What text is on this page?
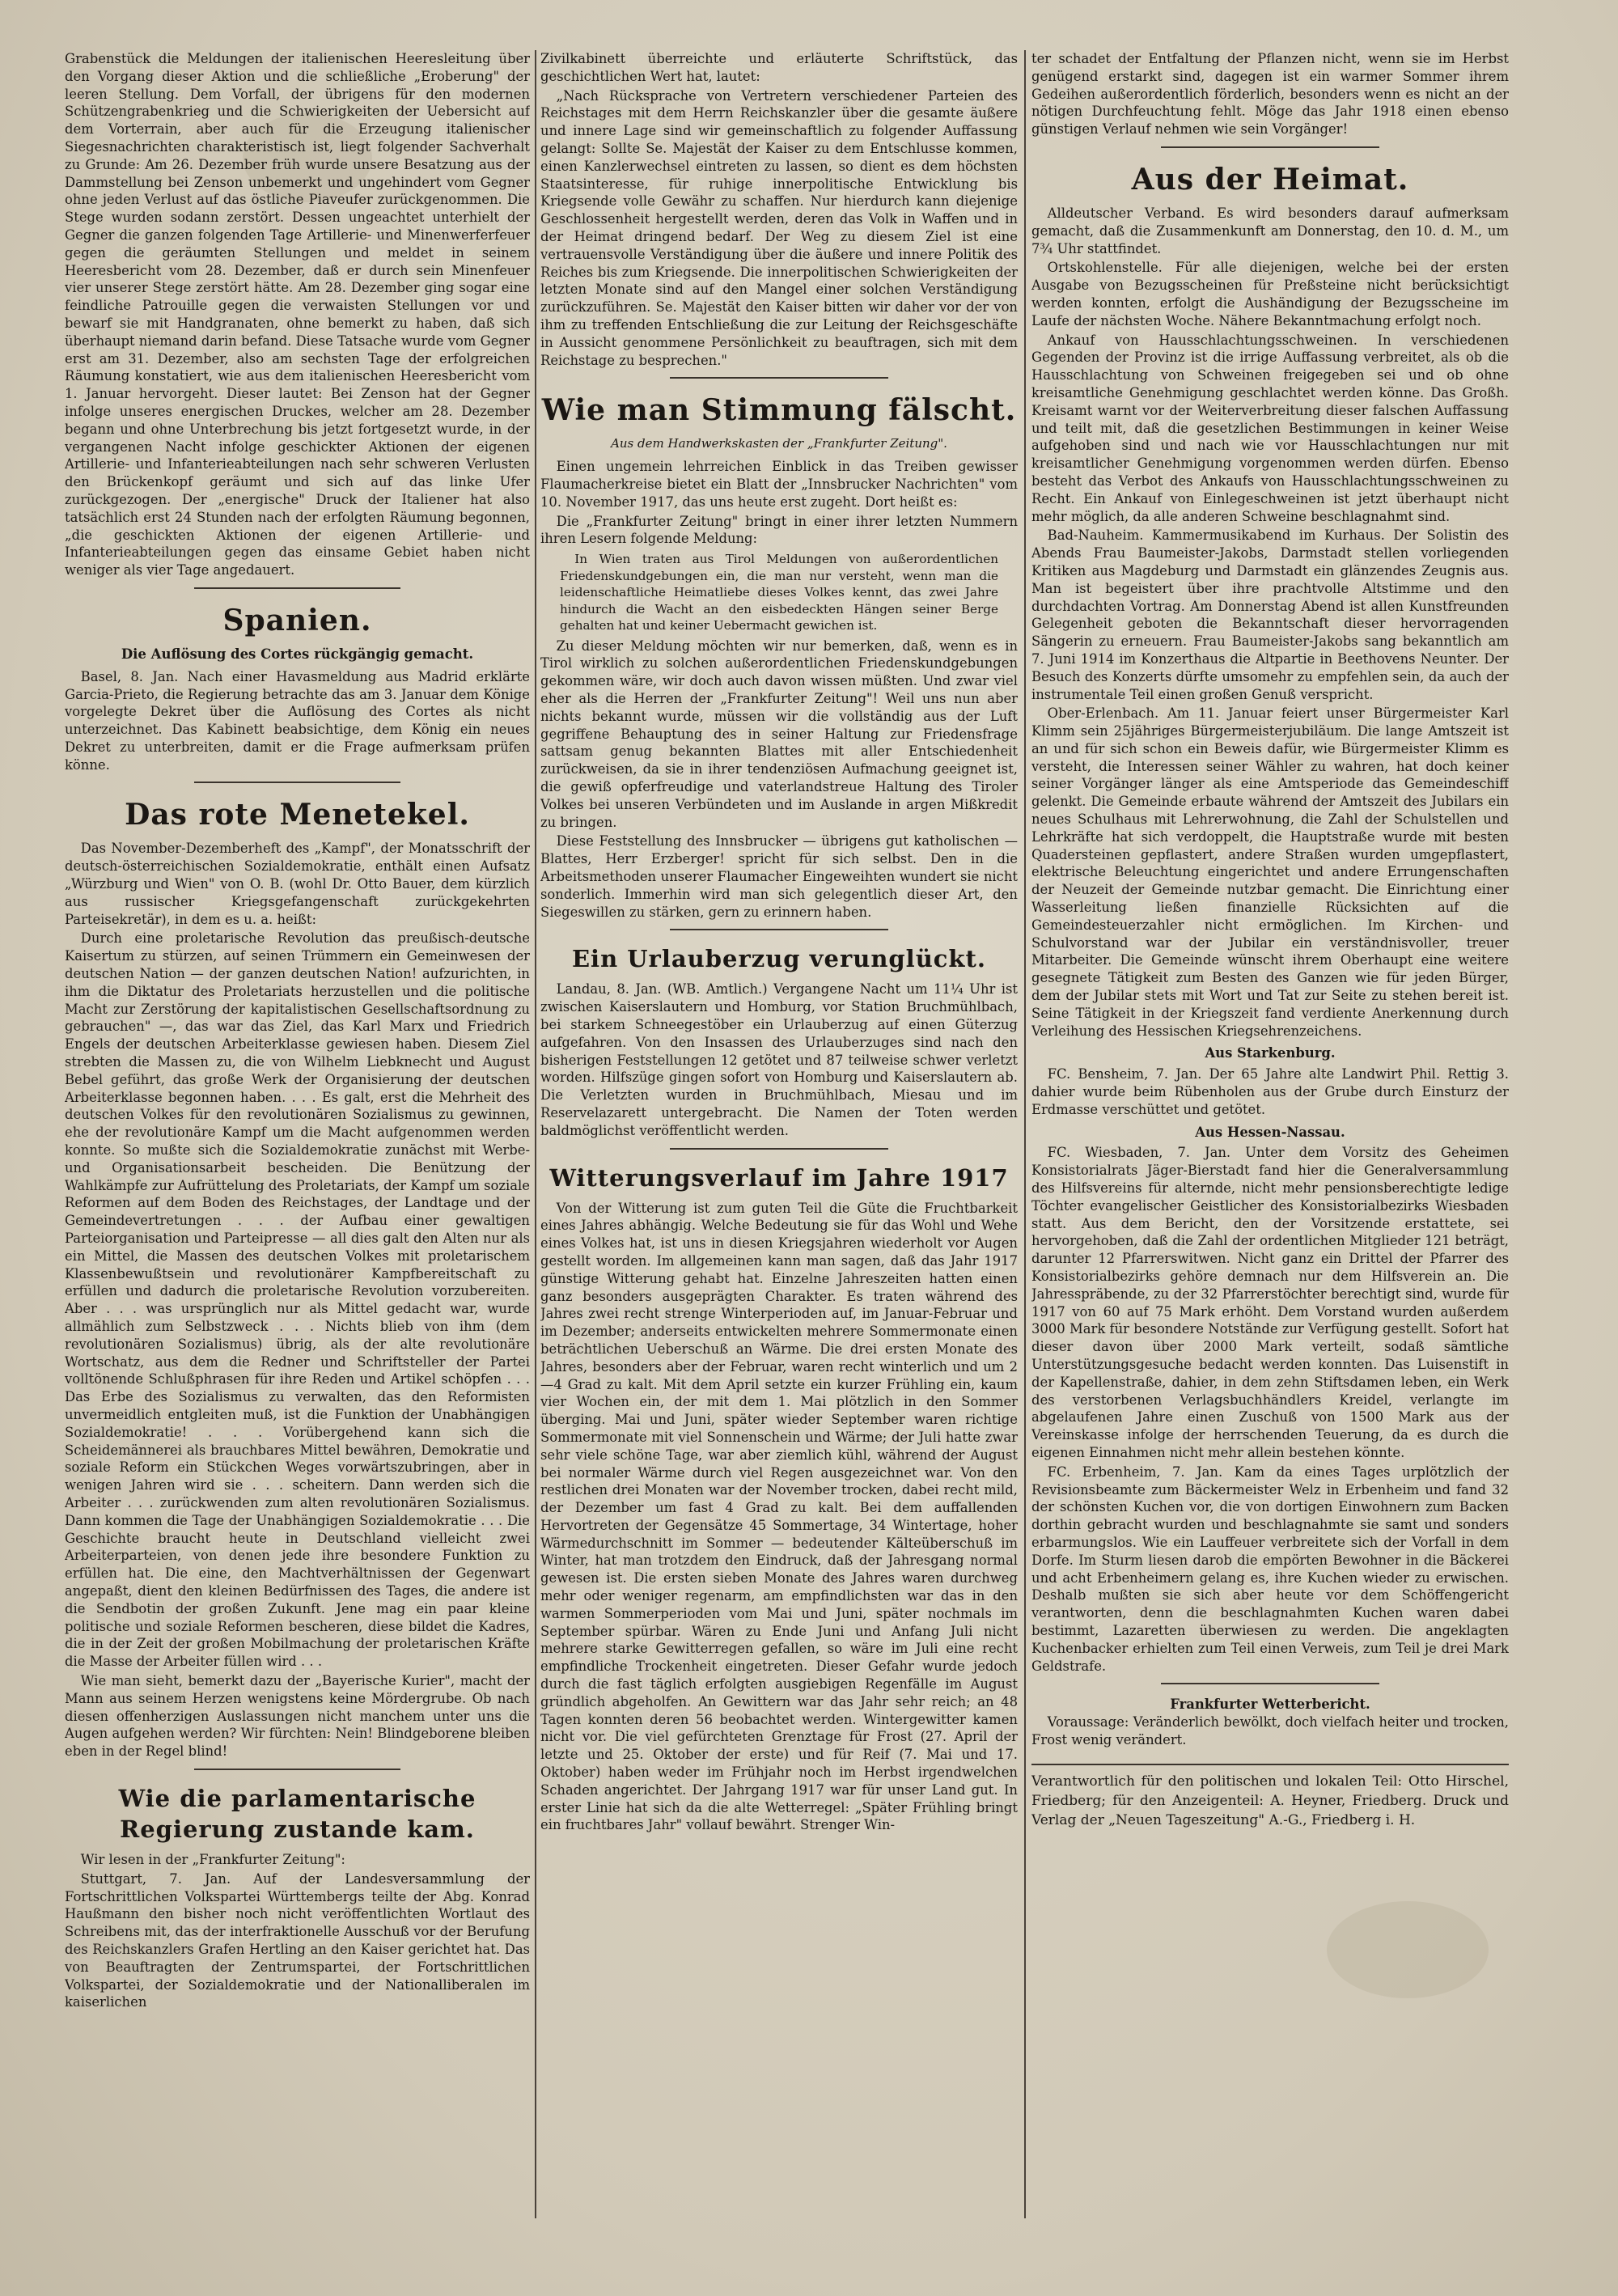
Grabenstück die Meldungen der italienischen Heeresleitung über den Vorgang dieser Aktion und die schließliche „Eroberung" der leeren Stellung. Dem Vorfall, der übrigens für den modernen Schützengrabenkrieg und die Schwierigkeiten der Uebersicht auf dem Vorterrain, aber auch für die Erzeugung italienischer Siegesnachrichten charakteristisch ist, liegt folgender Sachverhalt zu Grunde: Am 26. Dezember früh wurde unsere Besatzung aus der Dammstellung bei Zenson unbemerkt und ungehindert vom Gegner ohne jeden Verlust auf das östliche Piaveufer zurückgenommen. Die Stege wurden sodann zerstört. Dessen ungeachtet unterhielt der Gegner die ganzen folgenden Tage Artillerie- und Minenwerferfeuer gegen die geräumten Stellungen und meldet in seinem Heeresbericht vom 28. Dezember, daß er durch sein Minenfeuer vier unserer Stege zerstört hätte. Am 28. Dezember ging sogar eine feindliche Patrouille gegen die verwaisten Stellungen vor und bewarf sie mit Handgranaten, ohne bemerkt zu haben, daß sich überhaupt niemand darin befand. Diese Tatsache wurde vom Gegner erst am 31. Dezember, also am sechsten Tage der erfolgreichen Räumung konstatiert, wie aus dem italienischen Heeresbericht vom 1. Januar hervorgeht. Dieser lautet: Bei Zenson hat der Gegner infolge unseres energischen Druckes, welcher am 28. Dezember begann und ohne Unterbrechung bis jetzt fortgesetzt wurde, in der vergangenen Nacht infolge geschickter Aktionen der eigenen Artillerie- und Infanterieabteilungen nach sehr schweren Verlusten den Brückenkopf geräumt und sich auf das linke Ufer zurückgezogen. Der „energische" Druck der Italiener hat also tatsächlich erst 24 Stunden nach der erfolgten Räumung begonnen, „die geschickten Aktionen der eigenen Artillerie- und Infanterieabteilungen gegen das einsame Gebiet haben nicht weniger als vier Tage angedauert.

Spanien.
Die Auflösung des Cortes rückgängig gemacht.

Basel, 8. Jan. Nach einer Havasmeldung aus Madrid erklärte Garcia-Prieto, die Regierung betrachte das am 3. Januar dem Könige vorgelegte Dekret über die Auflösung des Cortes als nicht unterzeichnet. Das Kabinett beabsichtige, dem König ein neues Dekret zu unterbreiten, damit er die Frage aufmerksam prüfen könne.

Das rote Menetekel.

Das November-Dezemberheft des „Kampf", der Monatsschrift der deutsch-österreichischen Sozialdemokratie, enthält einen Aufsatz „Würzburg und Wien" von O. B. (wohl Dr. Otto Bauer, dem kürzlich aus russischer Kriegsgefangenschaft zurückgekehrten Parteisekretär), in dem es u. a. heißt:

Durch eine proletarische Revolution das preußisch-deutsche Kaisertum zu stürzen, auf seinen Trümmern ein Gemeinwesen der deutschen Nation — der ganzen deutschen Nation! aufzurichten, in ihm die Diktatur des Proletariats herzustellen und die politische Macht zur Zerstörung der kapitalistischen Gesellschaftsordnung zu gebrauchen" —, das war das Ziel, das Karl Marx und Friedrich Engels der deutschen Arbeiterklasse gewiesen haben. Diesem Ziel strebten die Massen zu, die von Wilhelm Liebknecht und August Bebel geführt, das große Werk der Organisierung der deutschen Arbeiterklasse begonnen haben. . . . Es galt, erst die Mehrheit des deutschen Volkes für den revolutionären Sozialismus zu gewinnen, ehe der revolutionäre Kampf um die Macht aufgenommen werden konnte. So mußte sich die Sozialdemokratie zunächst mit Werbe- und Organisationsarbeit bescheiden. Die Benützung der Wahlkämpfe zur Aufrüttelung des Proletariats, der Kampf um soziale Reformen auf dem Boden des Reichstages, der Landtage und der Gemeindevertretungen . . . der Aufbau einer gewaltigen Parteiorganisation und Parteipresse — all dies galt den Alten nur als ein Mittel, die Massen des deutschen Volkes mit proletarischem Klassenbewußtsein und revolutionärer Kampfbereitschaft zu erfüllen und dadurch die proletarische Revolution vorzubereiten. Aber . . . was ursprünglich nur als Mittel gedacht war, wurde allmählich zum Selbstzweck . . . Nichts blieb von ihm (dem revolutionären Sozialismus) übrig, als der alte revolutionäre Wortschatz, aus dem die Redner und Schriftsteller der Partei volltönende Schlußphrasen für ihre Reden und Artikel schöpfen . . . Das Erbe des Sozialismus zu verwalten, das den Reformisten unvermeidlich entgleiten muß, ist die Funktion der Unabhängigen Sozialdemokratie! . . . Vorübergehend kann sich die Scheidemännerei als brauchbares Mittel bewähren, Demokratie und soziale Reform ein Stückchen Weges vorwärtszubringen, aber in wenigen Jahren wird sie . . . scheitern. Dann werden sich die Arbeiter . . . zurückwenden zum alten revolutionären Sozialismus. Dann kommen die Tage der Unabhängigen Sozialdemokratie . . . Die Geschichte braucht heute in Deutschland vielleicht zwei Arbeiterparteien, von denen jede ihre besondere Funktion zu erfüllen hat. Die eine, den Machtverhältnissen der Gegenwart angepaßt, dient den kleinen Bedürfnissen des Tages, die andere ist die Sendbotin der großen Zukunft. Jene mag ein paar kleine politische und soziale Reformen bescheren, diese bildet die Kadres, die in der Zeit der großen Mobilmachung der proletarischen Kräfte die Masse der Arbeiter füllen wird . . .

Wie man sieht, bemerkt dazu der „Bayerische Kurier", macht der Mann aus seinem Herzen wenigstens keine Mördergrube. Ob nach diesen offenherzigen Auslassungen nicht manchem unter uns die Augen aufgehen werden? Wir fürchten: Nein! Blindgeborene bleiben eben in der Regel blind!

Wie die parlamentarische Regierung zustande kam.

Wir lesen in der „Frankfurter Zeitung":

Stuttgart, 7. Jan. Auf der Landesversammlung der Fortschrittlichen Volkspartei Württembergs teilte der Abg. Konrad Haußmann den bisher noch nicht veröffentlichten Wortlaut des Schreibens mit, das der interfraktionelle Ausschuß vor der Berufung des Reichskanzlers Grafen Hertling an den Kaiser gerichtet hat. Das von Beauftragten der Zentrumspartei, der Fortschrittlichen Volkspartei, der Sozialdemokratie und der Nationalliberalen im kaiserlichen

Zivilkabinett überreichte und erläuterte Schriftstück, das geschichtlichen Wert hat, lautet:

„Nach Rücksprache von Vertretern verschiedener Parteien des Reichstages mit dem Herrn Reichskanzler über die gesamte äußere und innere Lage sind wir gemeinschaftlich zu folgender Auffassung gelangt: Sollte Se. Majestät der Kaiser zu dem Entschlusse kommen, einen Kanzlerwechsel eintreten zu lassen, so dient es dem höchsten Staatsinteresse, für ruhige innerpolitische Entwicklung bis Kriegsende volle Gewähr zu schaffen. Nur hierdurch kann diejenige Geschlossenheit hergestellt werden, deren das Volk in Waffen und in der Heimat dringend bedarf. Der Weg zu diesem Ziel ist eine vertrauensvolle Verständigung über die äußere und innere Politik des Reiches bis zum Kriegsende. Die innerpolitischen Schwierigkeiten der letzten Monate sind auf den Mangel einer solchen Verständigung zurückzuführen. Se. Majestät den Kaiser bitten wir daher vor der von ihm zu treffenden Entschließung die zur Leitung der Reichsgeschäfte in Aussicht genommene Persönlichkeit zu beauftragen, sich mit dem Reichstage zu besprechen."

Wie man Stimmung fälscht.
Aus dem Handwerkskasten der „Frankfurter Zeitung".

Einen ungemein lehrreichen Einblick in das Treiben gewisser Flaumacherkreise bietet ein Blatt der „Innsbrucker Nachrichten" vom 10. November 1917, das uns heute erst zugeht. Dort heißt es:

Die „Frankfurter Zeitung" bringt in einer ihrer letzten Nummern ihren Lesern folgende Meldung:

In Wien traten aus Tirol Meldungen von außerordentlichen Friedenskundgebungen ein, die man nur versteht, wenn man die leidenschaftliche Heimatliebe dieses Volkes kennt, das zwei Jahre hindurch die Wacht an den eisbedeckten Hängen seiner Berge gehalten hat und keiner Uebermacht gewichen ist.

Zu dieser Meldung möchten wir nur bemerken, daß, wenn es in Tirol wirklich zu solchen außerordentlichen Friedenskundgebungen gekommen wäre, wir doch auch davon wissen müßten. Und zwar viel eher als die Herren der „Frankfurter Zeitung"! Weil uns nun aber nichts bekannt wurde, müssen wir die vollständig aus der Luft gegriffene Behauptung des in seiner Haltung zur Friedensfrage sattsam genug bekannten Blattes mit aller Entschiedenheit zurückweisen, da sie in ihrer tendenziösen Aufmachung geeignet ist, die gewiß opferfreudige und vaterlandstreue Haltung des Tiroler Volkes bei unseren Verbündeten und im Auslande in argen Mißkredit zu bringen.

Diese Feststellung des Innsbrucker — übrigens gut katholischen — Blattes, Herr Erzberger! spricht für sich selbst. Den in die Arbeitsmethoden unserer Flaumacher Eingeweihten wundert sie nicht sonderlich. Immerhin wird man sich gelegentlich dieser Art, den Siegeswillen zu stärken, gern zu erinnern haben.

Ein Urlauberzug verunglückt.

Landau, 8. Jan. (WB. Amtlich.) Vergangene Nacht um 11¼ Uhr ist zwischen Kaiserslautern und Homburg, vor Station Bruchmühlbach, bei starkem Schneegestöber ein Urlauberzug auf einen Güterzug aufgefahren. Von den Insassen des Urlauberzuges sind nach den bisherigen Feststellungen 12 getötet und 87 teilweise schwer verletzt worden. Hilfszüge gingen sofort von Homburg und Kaiserslautern ab. Die Verletzten wurden in Bruchmühlbach, Miesau und im Reservelazarett untergebracht. Die Namen der Toten werden baldmöglichst veröffentlicht werden.

Witterungsverlauf im Jahre 1917

Von der Witterung ist zum guten Teil die Güte die Fruchtbarkeit eines Jahres abhängig. Welche Bedeutung sie für das Wohl und Wehe eines Volkes hat, ist uns in diesen Kriegsjahren wiederholt vor Augen gestellt worden. Im allgemeinen kann man sagen, daß das Jahr 1917 günstige Witterung gehabt hat. Einzelne Jahreszeiten hatten einen ganz besonders ausgeprägten Charakter. Es traten während des Jahres zwei recht strenge Winterperioden auf, im Januar-Februar und im Dezember; anderseits entwickelten mehrere Sommermonate einen beträchtlichen Ueberschuß an Wärme. Die drei ersten Monate des Jahres, besonders aber der Februar, waren recht winterlich und um 2—4 Grad zu kalt. Mit dem April setzte ein kurzer Frühling ein, kaum vier Wochen ein, der mit dem 1. Mai plötzlich in den Sommer überging. Mai und Juni, später wieder September waren richtige Sommermonate mit viel Sonnenschein und Wärme; der Juli hatte zwar sehr viele schöne Tage, war aber ziemlich kühl, während der August bei normaler Wärme durch viel Regen ausgezeichnet war. Von den restlichen drei Monaten war der November trocken, dabei recht mild, der Dezember um fast 4 Grad zu kalt. Bei dem auffallenden Hervortreten der Gegensätze 45 Sommertage, 34 Wintertage, hoher Wärmedurchschnitt im Sommer — bedeutender Kälteüberschuß im Winter, hat man trotzdem den Eindruck, daß der Jahresgang normal gewesen ist. Die ersten sieben Monate des Jahres waren durchweg mehr oder weniger regenarm, am empfindlichsten war das in den warmen Sommerperioden vom Mai und Juni, später nochmals im September spürbar. Wären zu Ende Juni und Anfang Juli nicht mehrere starke Gewitterregen gefallen, so wäre im Juli eine recht empfindliche Trockenheit eingetreten. Dieser Gefahr wurde jedoch durch die fast täglich erfolgten ausgiebigen Regenfälle im August gründlich abgeholfen. An Gewittern war das Jahr sehr reich; an 48 Tagen konnten deren 56 beobachtet werden. Wintergewitter kamen nicht vor. Die viel gefürchteten Grenztage für Frost (27. April der letzte und 25. Oktober der erste) und für Reif (7. Mai und 17. Oktober) haben weder im Frühjahr noch im Herbst irgendwelchen Schaden angerichtet. Der Jahrgang 1917 war für unser Land gut. In erster Linie hat sich da die alte Wetterregel: „Später Frühling bringt ein fruchtbares Jahr" vollauf bewährt. Strenger Win-

ter schadet der Entfaltung der Pflanzen nicht, wenn sie im Herbst genügend erstarkt sind, dagegen ist ein warmer Sommer ihrem Gedeihen außerordentlich förderlich, besonders wenn es nicht an der nötigen Durchfeuchtung fehlt. Möge das Jahr 1918 einen ebenso günstigen Verlauf nehmen wie sein Vorgänger!

Aus der Heimat.

Alldeutscher Verband. Es wird besonders darauf aufmerksam gemacht, daß die Zusammenkunft am Donnerstag, den 10. d. M., um 7¾ Uhr stattfindet.

Ortskohlenstelle. Für alle diejenigen, welche bei der ersten Ausgabe von Bezugsscheinen für Preßsteine nicht berücksichtigt werden konnten, erfolgt die Aushändigung der Bezugsscheine im Laufe der nächsten Woche. Nähere Bekanntmachung erfolgt noch.

Ankauf von Hausschlachtungsschweinen. In verschiedenen Gegenden der Provinz ist die irrige Auffassung verbreitet, als ob die Hausschlachtung von Schweinen freigegeben sei und ob ohne kreisamtliche Genehmigung geschlachtet werden könne. Das Großh. Kreisamt warnt vor der Weiterverbreitung dieser falschen Auffassung und teilt mit, daß die gesetzlichen Bestimmungen in keiner Weise aufgehoben sind und nach wie vor Hausschlachtungen nur mit kreisamtlicher Genehmigung vorgenommen werden dürfen. Ebenso besteht das Verbot des Ankaufs von Hausschlachtungsschweinen zu Recht. Ein Ankauf von Einlegeschweinen ist jetzt überhaupt nicht mehr möglich, da alle anderen Schweine beschlagnahmt sind.

Bad-Nauheim. Kammermusikabend im Kurhaus. Der Solistin des Abends Frau Baumeister-Jakobs, Darmstadt stellen vorliegenden Kritiken aus Magdeburg und Darmstadt ein glänzendes Zeugnis aus. Man ist begeistert über ihre prachtvolle Altstimme und den durchdachten Vortrag. Am Donnerstag Abend ist allen Kunstfreunden Gelegenheit geboten die Bekanntschaft dieser hervorragenden Sängerin zu erneuern. Frau Baumeister-Jakobs sang bekanntlich am 7. Juni 1914 im Konzerthaus die Altpartie in Beethovens Neunter. Der Besuch des Konzerts dürfte umsomehr zu empfehlen sein, da auch der instrumentale Teil einen großen Genuß verspricht.

Ober-Erlenbach. Am 11. Januar feiert unser Bürgermeister Karl Klimm sein 25jähriges Bürgermeisterjubiläum. Die lange Amtszeit ist an und für sich schon ein Beweis dafür, wie Bürgermeister Klimm es versteht, die Interessen seiner Wähler zu wahren, hat doch keiner seiner Vorgänger länger als eine Amtsperiode das Gemeindeschiff gelenkt. Die Gemeinde erbaute während der Amtszeit des Jubilars ein neues Schulhaus mit Lehrerwohnung, die Zahl der Schulstellen und Lehrkräfte hat sich verdoppelt, die Hauptstraße wurde mit besten Quadersteinen gepflastert, andere Straßen wurden umgepflastert, elektrische Beleuchtung eingerichtet und andere Errungenschaften der Neuzeit der Gemeinde nutzbar gemacht. Die Einrichtung einer Wasserleitung ließen finanzielle Rücksichten auf die Gemeindesteuerzahler nicht ermöglichen. Im Kirchen- und Schulvorstand war der Jubilar ein verständnisvoller, treuer Mitarbeiter. Die Gemeinde wünscht ihrem Oberhaupt eine weitere gesegnete Tätigkeit zum Besten des Ganzen wie für jeden Bürger, dem der Jubilar stets mit Wort und Tat zur Seite zu stehen bereit ist. Seine Tätigkeit in der Kriegszeit fand verdiente Anerkennung durch Verleihung des Hessischen Kriegsehrenzeichens.

Aus Starkenburg.

FC. Bensheim, 7. Jan. Der 65 Jahre alte Landwirt Phil. Rettig 3. dahier wurde beim Rübenholen aus der Grube durch Einsturz der Erdmasse verschüttet und getötet.

Aus Hessen-Nassau.

FC. Wiesbaden, 7. Jan. Unter dem Vorsitz des Geheimen Konsistorialrats Jäger-Bierstadt fand hier die Generalversammlung des Hilfsvereins für alternde, nicht mehr pensionsberechtigte ledige Töchter evangelischer Geistlicher des Konsistorialbezirks Wiesbaden statt. Aus dem Bericht, den der Vorsitzende erstattete, sei hervorgehoben, daß die Zahl der ordentlichen Mitglieder 121 beträgt, darunter 12 Pfarrerswitwen. Nicht ganz ein Drittel der Pfarrer des Konsistorialbezirks gehöre demnach nur dem Hilfsverein an. Die Jahresspräbende, zu der 32 Pfarrerstöchter berechtigt sind, wurde für 1917 von 60 auf 75 Mark erhöht. Dem Vorstand wurden außerdem 3000 Mark für besondere Notstände zur Verfügung gestellt. Sofort hat dieser davon über 2000 Mark verteilt, sodaß sämtliche Unterstützungsgesuche bedacht werden konnten. Das Luisenstift in der Kapellenstraße, dahier, in dem zehn Stiftsdamen leben, ein Werk des verstorbenen Verlagsbuchhändlers Kreidel, verlangte im abgelaufenen Jahre einen Zuschuß von 1500 Mark aus der Vereinskasse infolge der herrschenden Teuerung, da es durch die eigenen Einnahmen nicht mehr allein bestehen könnte.

FC. Erbenheim, 7. Jan. Kam da eines Tages urplötzlich der Revisionsbeamte zum Bäckermeister Welz in Erbenheim und fand 32 der schönsten Kuchen vor, die von dortigen Einwohnern zum Backen dorthin gebracht wurden und beschlagnahmte sie samt und sonders erbarmungslos. Wie ein Lauffeuer verbreitete sich der Vorfall in dem Dorfe. Im Sturm liesen darob die empörten Bewohner in die Bäckerei und acht Erbenheimern gelang es, ihre Kuchen wieder zu erwischen. Deshalb mußten sie sich aber heute vor dem Schöffengericht verantworten, denn die beschlagnahmten Kuchen waren dabei bestimmt, Lazaretten überwiesen zu werden. Die angeklagten Kuchenbacker erhielten zum Teil einen Verweis, zum Teil je drei Mark Geldstrafe.

Frankfurter Wetterbericht.

Voraussage: Veränderlich bewölkt, doch vielfach heiter und trocken, Frost wenig verändert.

Verantwortlich für den politischen und lokalen Teil: Otto Hirschel, Friedberg; für den Anzeigenteil: A. Heyner, Friedberg. Druck und Verlag der „Neuen Tageszeitung" A.-G., Friedberg i. H.
